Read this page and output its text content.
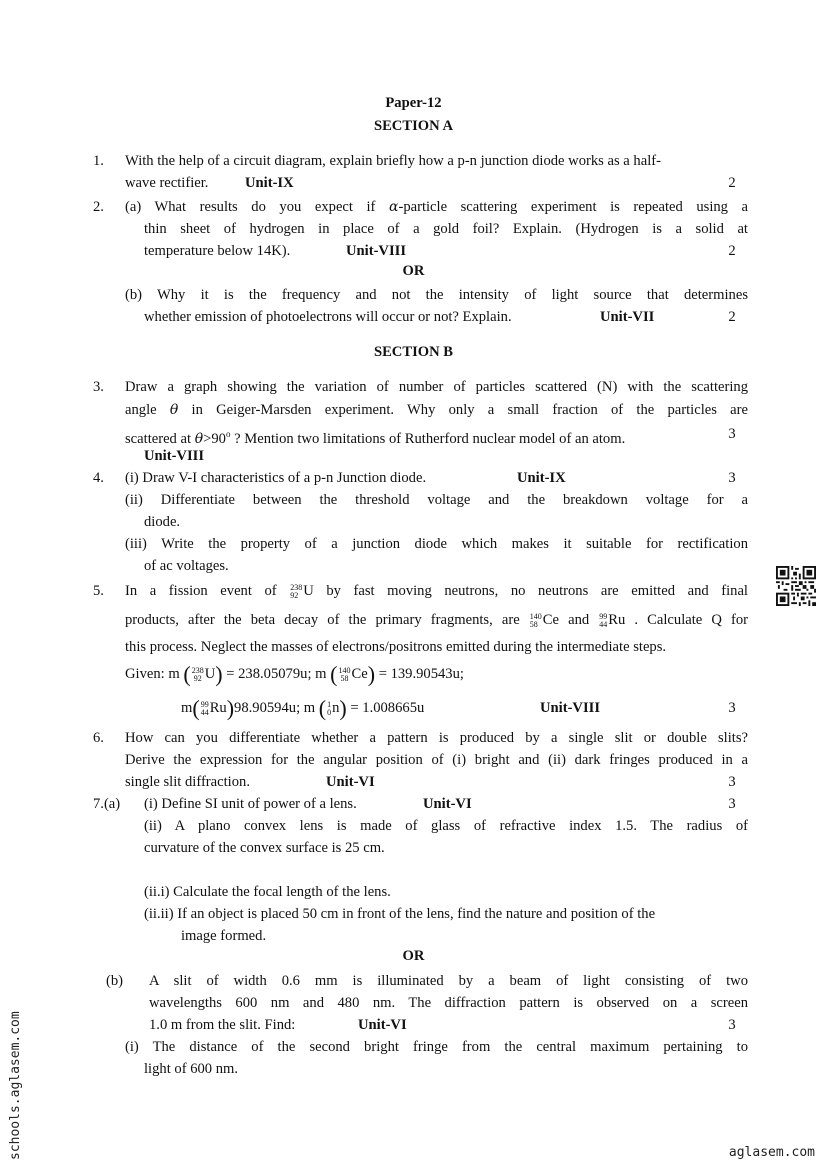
Paper-12
SECTION A
1. With the help of a circuit diagram, explain briefly how a p-n junction diode works as a half-
wave rectifier.	Unit-IX	2
2. (a) What results do you expect if α-particle scattering experiment is repeated using a
thin sheet of hydrogen in place of a gold foil? Explain. (Hydrogen is a solid at
temperature below 14K).	Unit-VIII	2
OR
(b) Why it is the frequency and not the intensity of light source that determines
whether emission of photoelectrons will occur or not? Explain.	Unit-VII	2
SECTION B
3. Draw a graph showing the variation of number of particles scattered (N) with the scattering
angle θ in Geiger-Marsden experiment. Why only a small fraction of the particles are
scattered at $\theta>90^o$ ? Mention two limitations of Rutherford nuclear model of an atom.	3
Unit-VIII
4. (i) Draw V-I characteristics of a p-n Junction diode.	Unit-IX	3
(ii) Differentiate between the threshold voltage and the breakdown voltage for a
diode.
(iii) Write the property of a junction diode which makes it suitable for rectification
of ac voltages.
5. In a fission event of 238
92 U by fast moving neutrons, no neutrons are emitted and final
products, after the beta decay of the primary fragments, are 140
58 Ce and 99
44 Ru . Calculate Q for
this process. Neglect the masses of electrons/positrons emitted during the intermediate steps.
Given: m ( 238
92 U) = 238.05079u; m ( 140
58 Ce) = 139.90543u;
m( 99
44 Ru)98.90594u; m ( 1
0 n) = 1.008665u	Unit-VIII	3
6. How can you differentiate whether a pattern is produced by a single slit or double slits?
Derive the expression for the angular position of (i) bright and (ii) dark fringes produced in a
single slit diffraction.	Unit-VI	3
7.(a) (i) Define SI unit of power of a lens.	Unit-VI	3
(ii) A plano convex lens is made of glass of refractive index 1.5. The radius of
curvature of the convex surface is 25 cm.
(ii.i) Calculate the focal length of the lens.
(ii.ii) If an object is placed 50 cm in front of the lens, find the nature and position of the
image formed.
OR
(b) A slit of width 0.6 mm is illuminated by a beam of light consisting of two
wavelengths 600 nm and 480 nm. The diffraction pattern is observed on a screen
1.0 m from the slit. Find:	Unit-VI	3
(i) The distance of the second bright fringe from the central maximum pertaining to
light of 600 nm.
schools.aglasem.com	aglasem.com
